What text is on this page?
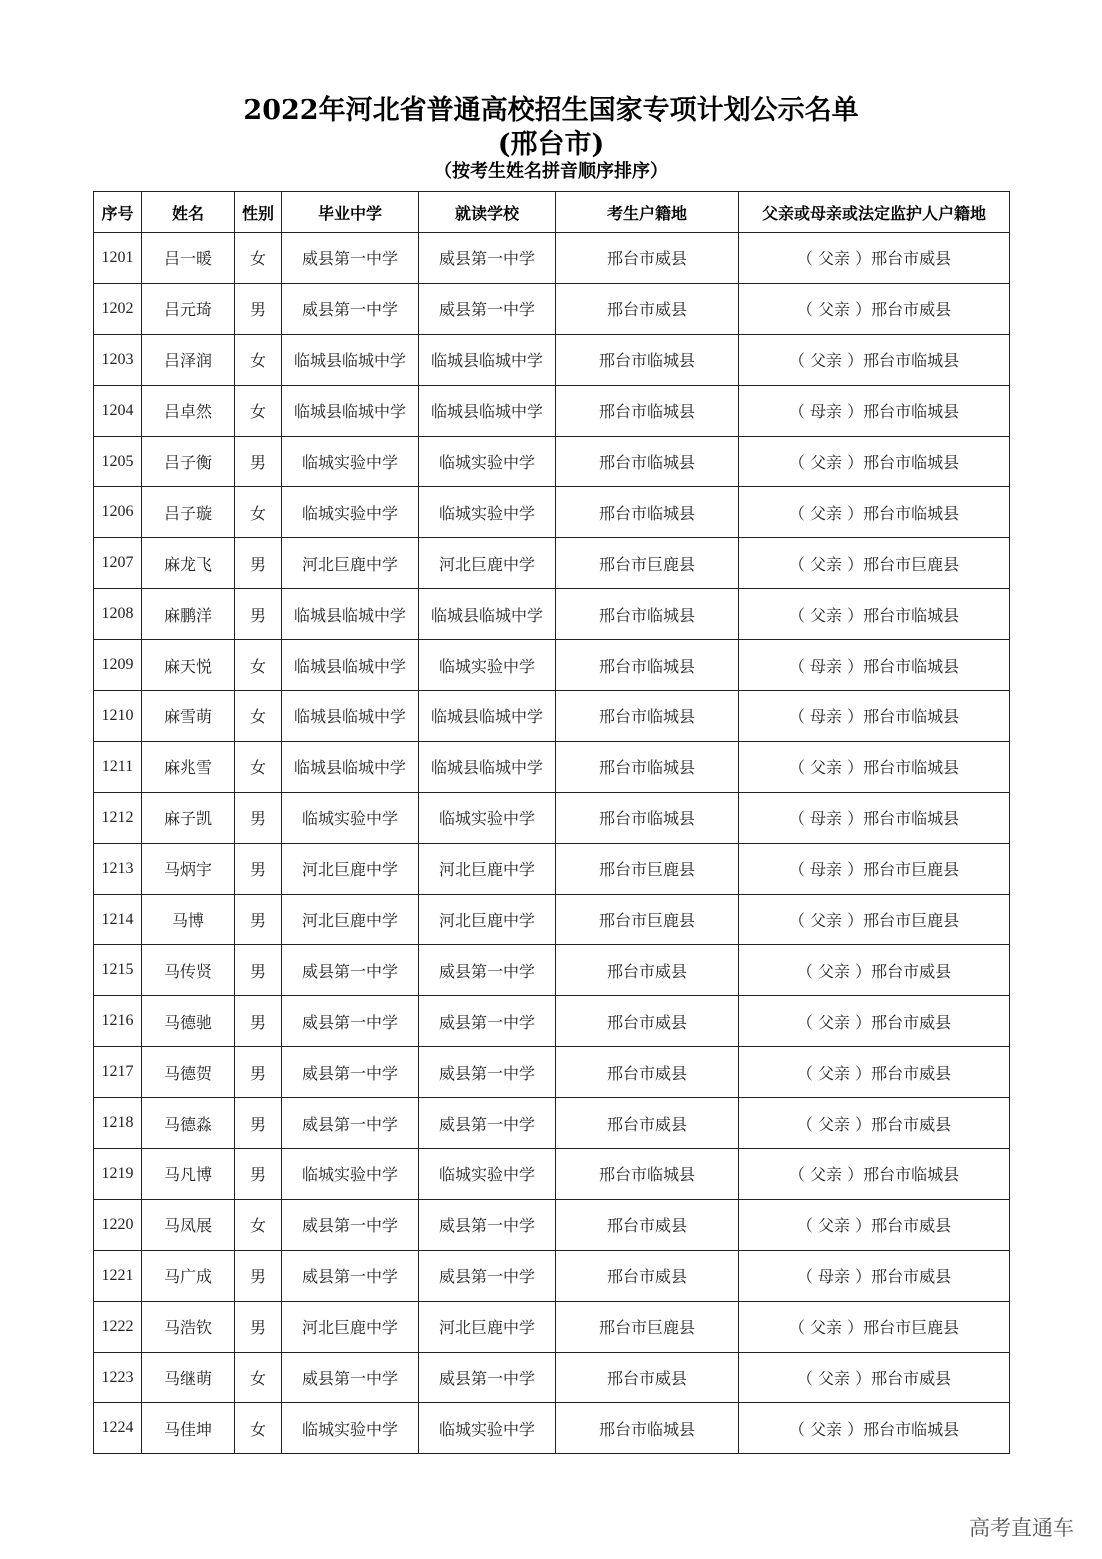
2022年河北省普通高校招生国家专项计划公示名单
(邢台市)
（按考生姓名拼音顺序排序）
序号	姓名	性别	毕业中学	就读学校	考生户籍地	父亲或母亲或法定监护人户籍地
1201	吕一暖	女	威县第一中学	威县第一中学	邢台市威县	（ 父亲 ）邢台市威县
1202	吕元琦	男	威县第一中学	威县第一中学	邢台市威县	（ 父亲 ）邢台市威县
1203	吕泽润	女	临城县临城中学	临城县临城中学	邢台市临城县	（ 父亲 ）邢台市临城县
1204	吕卓然	女	临城县临城中学	临城县临城中学	邢台市临城县	（ 母亲 ）邢台市临城县
1205	吕子衡	男	临城实验中学	临城实验中学	邢台市临城县	（ 父亲 ）邢台市临城县
1206	吕子璇	女	临城实验中学	临城实验中学	邢台市临城县	（ 父亲 ）邢台市临城县
1207	麻龙飞	男	河北巨鹿中学	河北巨鹿中学	邢台市巨鹿县	（ 父亲 ）邢台市巨鹿县
1208	麻鹏洋	男	临城县临城中学	临城县临城中学	邢台市临城县	（ 父亲 ）邢台市临城县
1209	麻天悦	女	临城县临城中学	临城实验中学	邢台市临城县	（ 母亲 ）邢台市临城县
1210	麻雪萌	女	临城县临城中学	临城县临城中学	邢台市临城县	（ 母亲 ）邢台市临城县
1211	麻兆雪	女	临城县临城中学	临城县临城中学	邢台市临城县	（ 父亲 ）邢台市临城县
1212	麻子凯	男	临城实验中学	临城实验中学	邢台市临城县	（ 母亲 ）邢台市临城县
1213	马炳宇	男	河北巨鹿中学	河北巨鹿中学	邢台市巨鹿县	（ 母亲 ）邢台市巨鹿县
1214	马博	男	河北巨鹿中学	河北巨鹿中学	邢台市巨鹿县	（ 父亲 ）邢台市巨鹿县
1215	马传贤	男	威县第一中学	威县第一中学	邢台市威县	（ 父亲 ）邢台市威县
1216	马德驰	男	威县第一中学	威县第一中学	邢台市威县	（ 父亲 ）邢台市威县
1217	马德贺	男	威县第一中学	威县第一中学	邢台市威县	（ 父亲 ）邢台市威县
1218	马德淼	男	威县第一中学	威县第一中学	邢台市威县	（ 父亲 ）邢台市威县
1219	马凡博	男	临城实验中学	临城实验中学	邢台市临城县	（ 父亲 ）邢台市临城县
1220	马凤展	女	威县第一中学	威县第一中学	邢台市威县	（ 父亲 ）邢台市威县
1221	马广成	男	威县第一中学	威县第一中学	邢台市威县	（ 母亲 ）邢台市威县
1222	马浩钦	男	河北巨鹿中学	河北巨鹿中学	邢台市巨鹿县	（ 父亲 ）邢台市巨鹿县
1223	马继萌	女	威县第一中学	威县第一中学	邢台市威县	（ 父亲 ）邢台市威县
1224	马佳坤	女	临城实验中学	临城实验中学	邢台市临城县	（ 父亲 ）邢台市临城县
高考直通车
